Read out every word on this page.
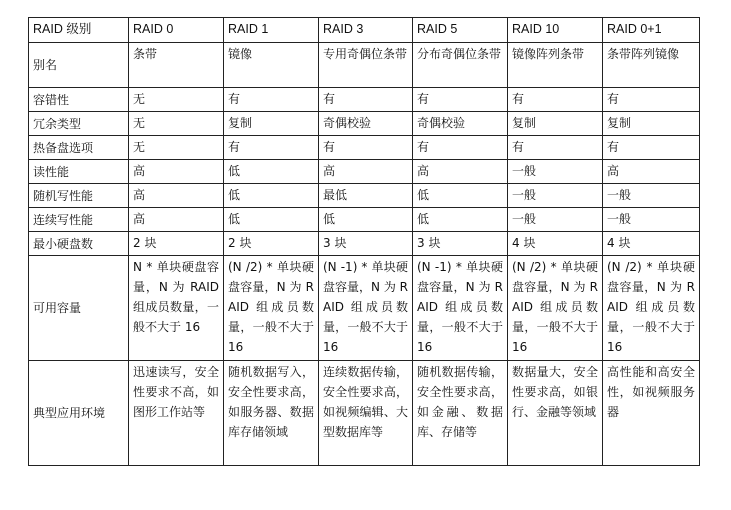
RAID 级别	RAID 0	RAID 1	RAID 3	RAID 5	RAID 10	RAID 0+1
别名	条带	镜像	专用奇偶位条带	分布奇偶位条带	镜像阵列条带	条带阵列镜像
容错性	无	有	有	有	有	有
冗余类型	无	复制	奇偶校验	奇偶校验	复制	复制
热备盘选项	无	有	有	有	有	有
读性能	高	低	高	高	一般	高
随机写性能	高	低	最低	低	一般	一般
连续写性能	高	低	低	低	一般	一般
最小硬盘数	2 块	2 块	3 块	3 块	4 块	4 块
可用容量	N * 单块硬盘容量，N 为 RAID 组成员数量，一般不大于 16	(N /2) * 单块硬盘容量，N 为 RAID 组成员数量，一般不大于 16	(N -1) * 单块硬盘容量，N 为 RAID 组成员数量，一般不大于 16	(N -1) * 单块硬盘容量，N 为 RAID 组成员数量，一般不大于 16	(N /2) * 单块硬盘容量，N 为 RAID 组成员数量，一般不大于 16	(N /2) * 单块硬盘容量，N 为 RAID 组成员数量，一般不大于 16
典型应用环境	迅速读写，安全性要求不高，如图形工作站等	随机数据写入，安全性要求高，如服务器、数据库存储领域	连续数据传输，安全性要求高，如视频编辑、大型数据库等	随机数据传输，安全性要求高，如金融、数据库、存储等	数据量大，安全性要求高，如银行、金融等领域	高性能和高安全性，如视频服务器
